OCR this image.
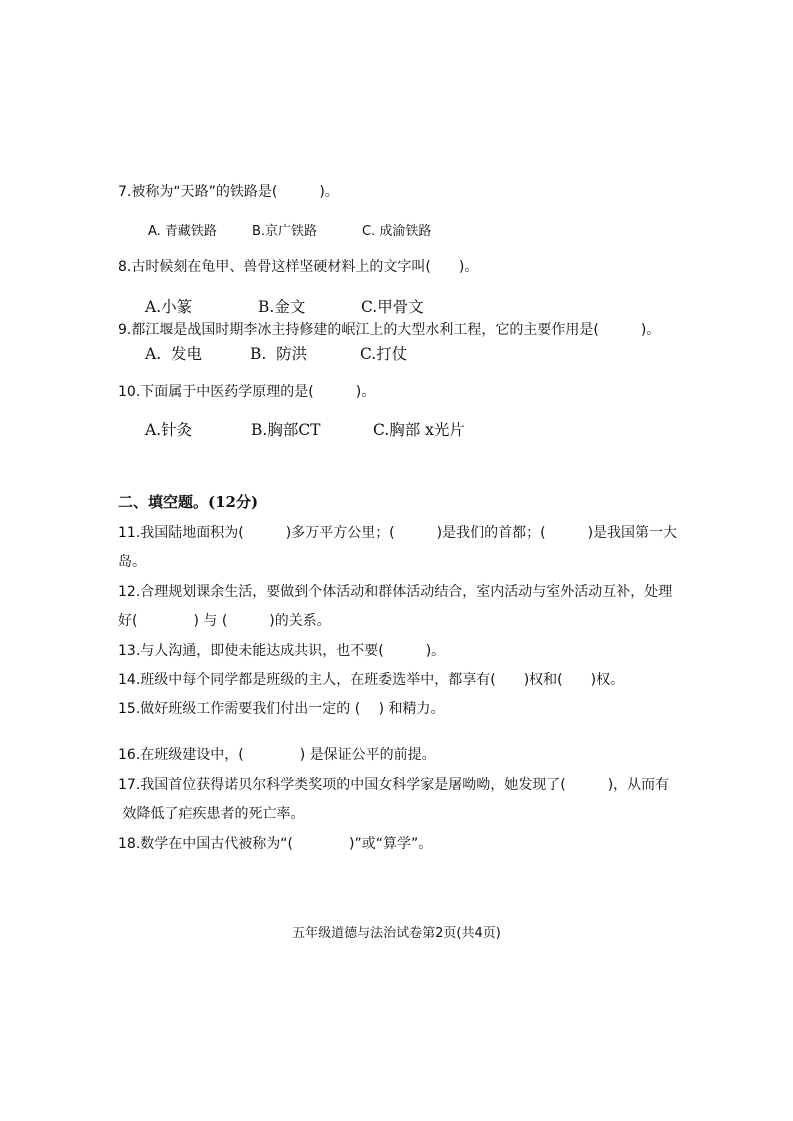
7.被称为“天路”的铁路是(　　　)。
A. 青藏铁路	B.京广铁路	C. 成渝铁路
8.古时候刻在龟甲、兽骨这样坚硬材料上的文字叫(　　)。
A.小篆	B.金文	C.甲骨文
9.都江堰是战国时期李冰主持修建的岷江上的大型水利工程，它的主要作用是(　　　)。
A.  发电	B.  防洪	C.打仗
10.下面属于中医药学原理的是(　　　)。
A.针灸	B.胸部CT	C.胸部 x光片
二、填空题。(12分)
11.我国陆地面积为(　　　)多万平方公里；(　　　)是我们的首都；(　　　)是我国第一大
岛。
12.合理规划课余生活，要做到个体活动和群体活动结合，室内活动与室外活动互补，处理
好(　　　　) 与 (　　　)的关系。
13.与人沟通，即使未能达成共识，也不要(　　　)。
14.班级中每个同学都是班级的主人，在班委选举中，都享有(　　)权和(　　)权。
15.做好班级工作需要我们付出一定的 (　 ) 和精力。
16.在班级建设中，(　　　　) 是保证公平的前提。
17.我国首位获得诺贝尔科学类奖项的中国女科学家是屠呦呦，她发现了(　　　)，从而有
效降低了疟疾患者的死亡率。
18.数学在中国古代被称为“(　　　　)”或“算学”。
五年级道德与法治试卷第2页(共4页)
